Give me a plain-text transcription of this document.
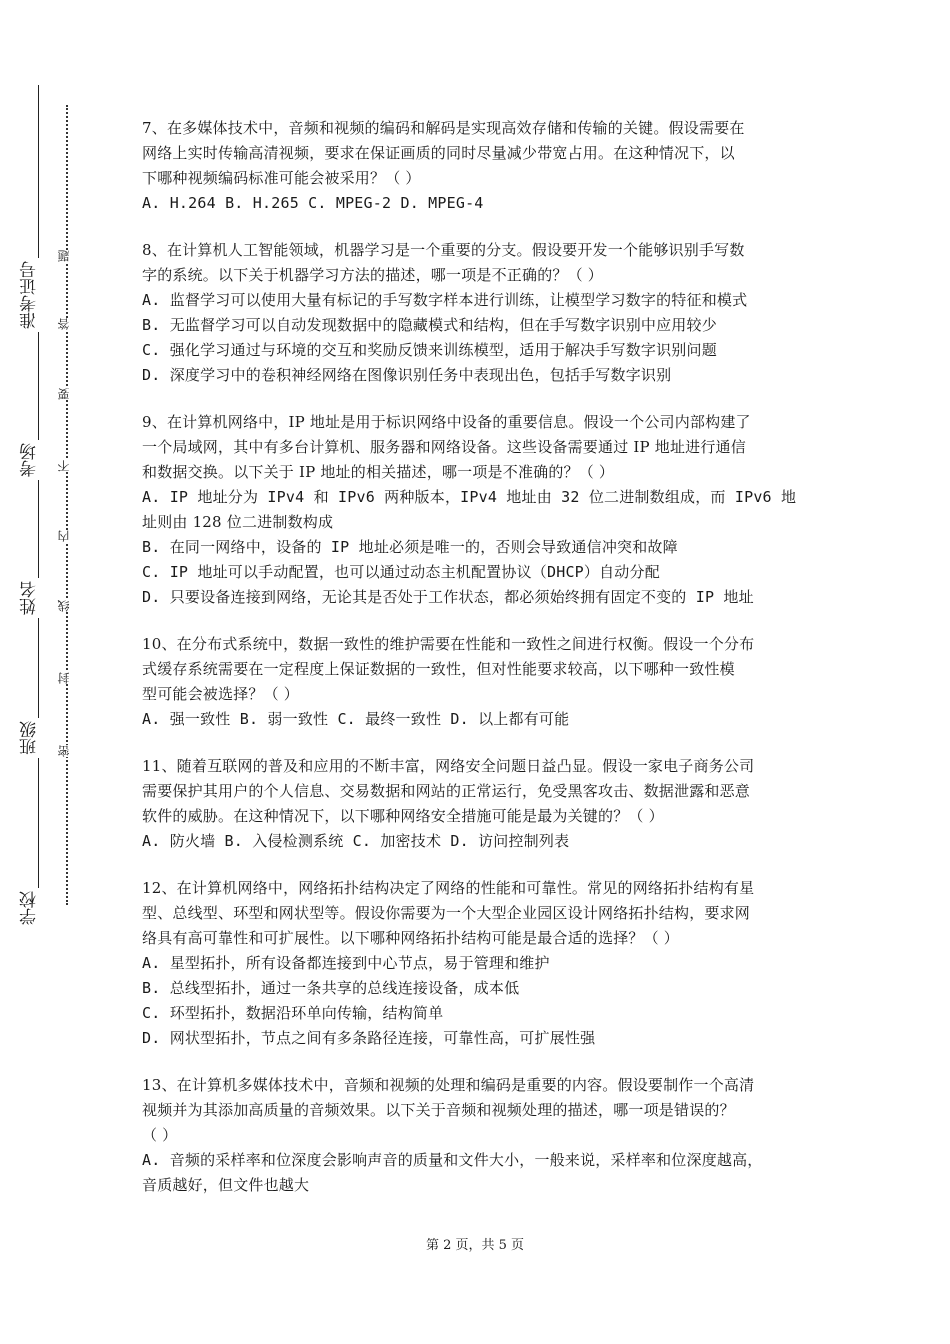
准考证号
考场
姓名
班级
学校
题
答
要
不
内
线
封
密
7、在多媒体技术中，音频和视频的编码和解码是实现高效存储和传输的关键。假设需要在
网络上实时传输高清视频，要求在保证画质的同时尽量减少带宽占用。在这种情况下，以
下哪种视频编码标准可能会被采用？（ ）
A. H.264 B. H.265 C. MPEG-2 D. MPEG-4
8、在计算机人工智能领域，机器学习是一个重要的分支。假设要开发一个能够识别手写数
字的系统。以下关于机器学习方法的描述，哪一项是不正确的？（ ）
A. 监督学习可以使用大量有标记的手写数字样本进行训练，让模型学习数字的特征和模式
B. 无监督学习可以自动发现数据中的隐藏模式和结构，但在手写数字识别中应用较少
C. 强化学习通过与环境的交互和奖励反馈来训练模型，适用于解决手写数字识别问题
D. 深度学习中的卷积神经网络在图像识别任务中表现出色，包括手写数字识别
9、在计算机网络中，IP 地址是用于标识网络中设备的重要信息。假设一个公司内部构建了
一个局域网，其中有多台计算机、服务器和网络设备。这些设备需要通过 IP 地址进行通信
和数据交换。以下关于 IP 地址的相关描述，哪一项是不准确的？（ ）
A. IP 地址分为 IPv4 和 IPv6 两种版本，IPv4 地址由 32 位二进制数组成，而 IPv6 地
址则由 128 位二进制数构成
B. 在同一网络中，设备的 IP 地址必须是唯一的，否则会导致通信冲突和故障
C. IP 地址可以手动配置，也可以通过动态主机配置协议（DHCP）自动分配
D. 只要设备连接到网络，无论其是否处于工作状态，都必须始终拥有固定不变的 IP 地址
10、在分布式系统中，数据一致性的维护需要在性能和一致性之间进行权衡。假设一个分布
式缓存系统需要在一定程度上保证数据的一致性，但对性能要求较高，以下哪种一致性模
型可能会被选择？（ ）
A. 强一致性 B. 弱一致性 C. 最终一致性 D. 以上都有可能
11、随着互联网的普及和应用的不断丰富，网络安全问题日益凸显。假设一家电子商务公司
需要保护其用户的个人信息、交易数据和网站的正常运行，免受黑客攻击、数据泄露和恶意
软件的威胁。在这种情况下，以下哪种网络安全措施可能是最为关键的？（ ）
A. 防火墙 B. 入侵检测系统 C. 加密技术 D. 访问控制列表
12、在计算机网络中，网络拓扑结构决定了网络的性能和可靠性。常见的网络拓扑结构有星
型、总线型、环型和网状型等。假设你需要为一个大型企业园区设计网络拓扑结构，要求网
络具有高可靠性和可扩展性。以下哪种网络拓扑结构可能是最合适的选择？（ ）
A. 星型拓扑，所有设备都连接到中心节点，易于管理和维护
B. 总线型拓扑，通过一条共享的总线连接设备，成本低
C. 环型拓扑，数据沿环单向传输，结构简单
D. 网状型拓扑，节点之间有多条路径连接，可靠性高，可扩展性强
13、在计算机多媒体技术中，音频和视频的处理和编码是重要的内容。假设要制作一个高清
视频并为其添加高质量的音频效果。以下关于音频和视频处理的描述，哪一项是错误的？
（ ）
A. 音频的采样率和位深度会影响声音的质量和文件大小，一般来说，采样率和位深度越高，
音质越好，但文件也越大
第 2 页，共 5 页
